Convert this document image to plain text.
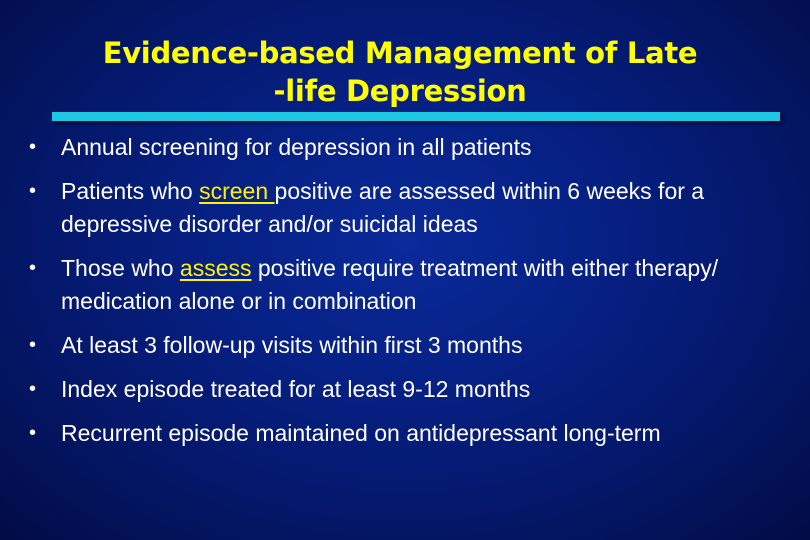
Evidence-based Management of Late
-life Depression
• Annual screening for depression in all patients
• Patients who screen positive are assessed within 6 weeks for a depressive disorder and/or suicidal ideas
• Those who assess positive require treatment with either therapy/ medication alone or in combination
• At least 3 follow-up visits within first 3 months
• Index episode treated for at least 9-12 months
• Recurrent episode maintained on antidepressant long-term
